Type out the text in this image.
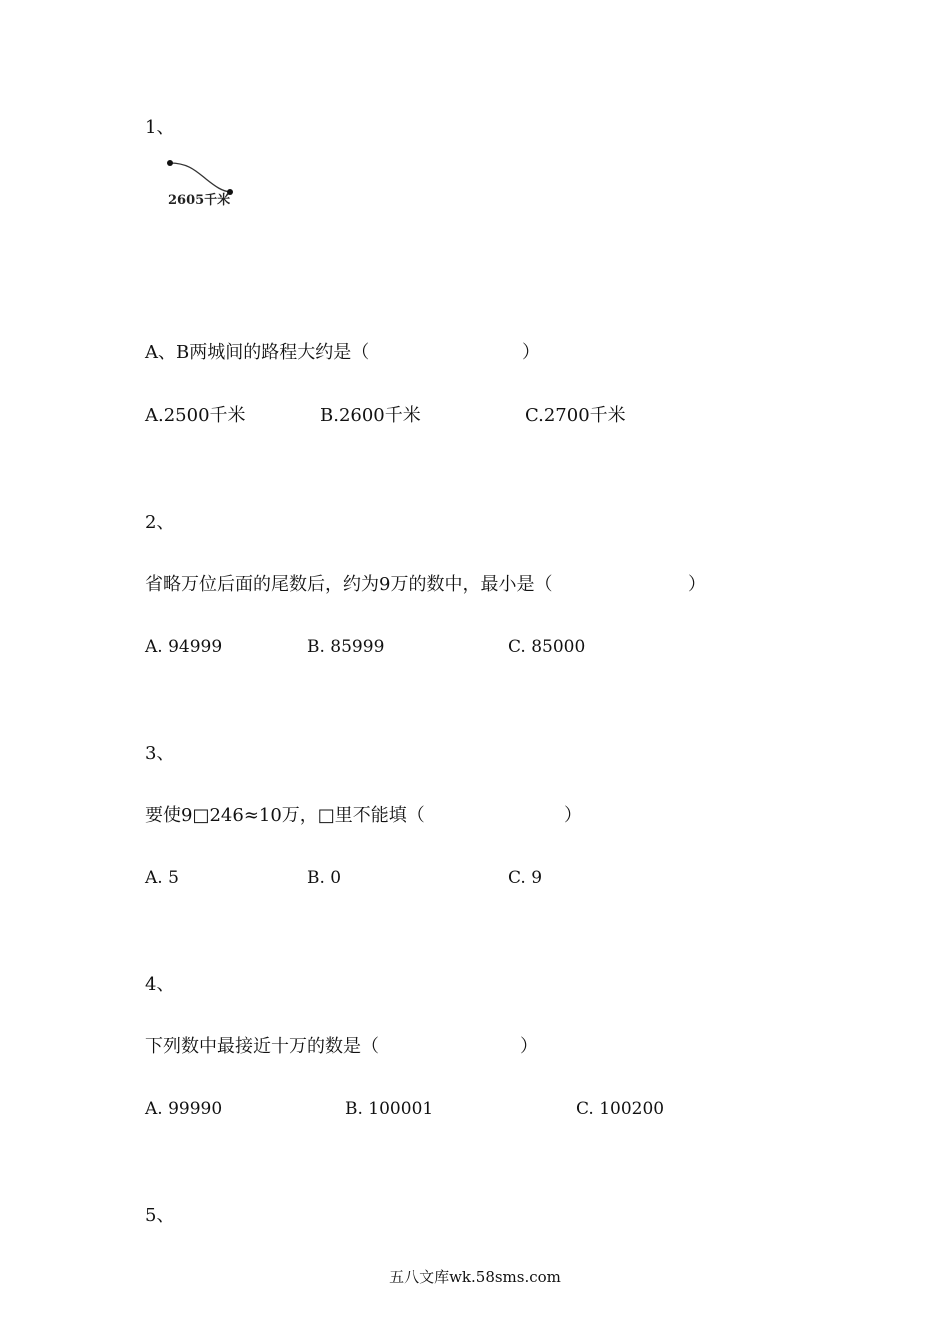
1、
2605千米
A、B两城间的路程大约是（	）
A.2500千米	B.2600千米	C.2700千米
2、
省略万位后面的尾数后，约为9万的数中，最小是（	）
A. 94999	B. 85999	C. 85000
3、
要使9□246≈10万，□里不能填（	）
A. 5	B. 0	C. 9
4、
下列数中最接近十万的数是（	）
A. 99990	B. 100001	C. 100200
5、
五八文库wk.58sms.com
